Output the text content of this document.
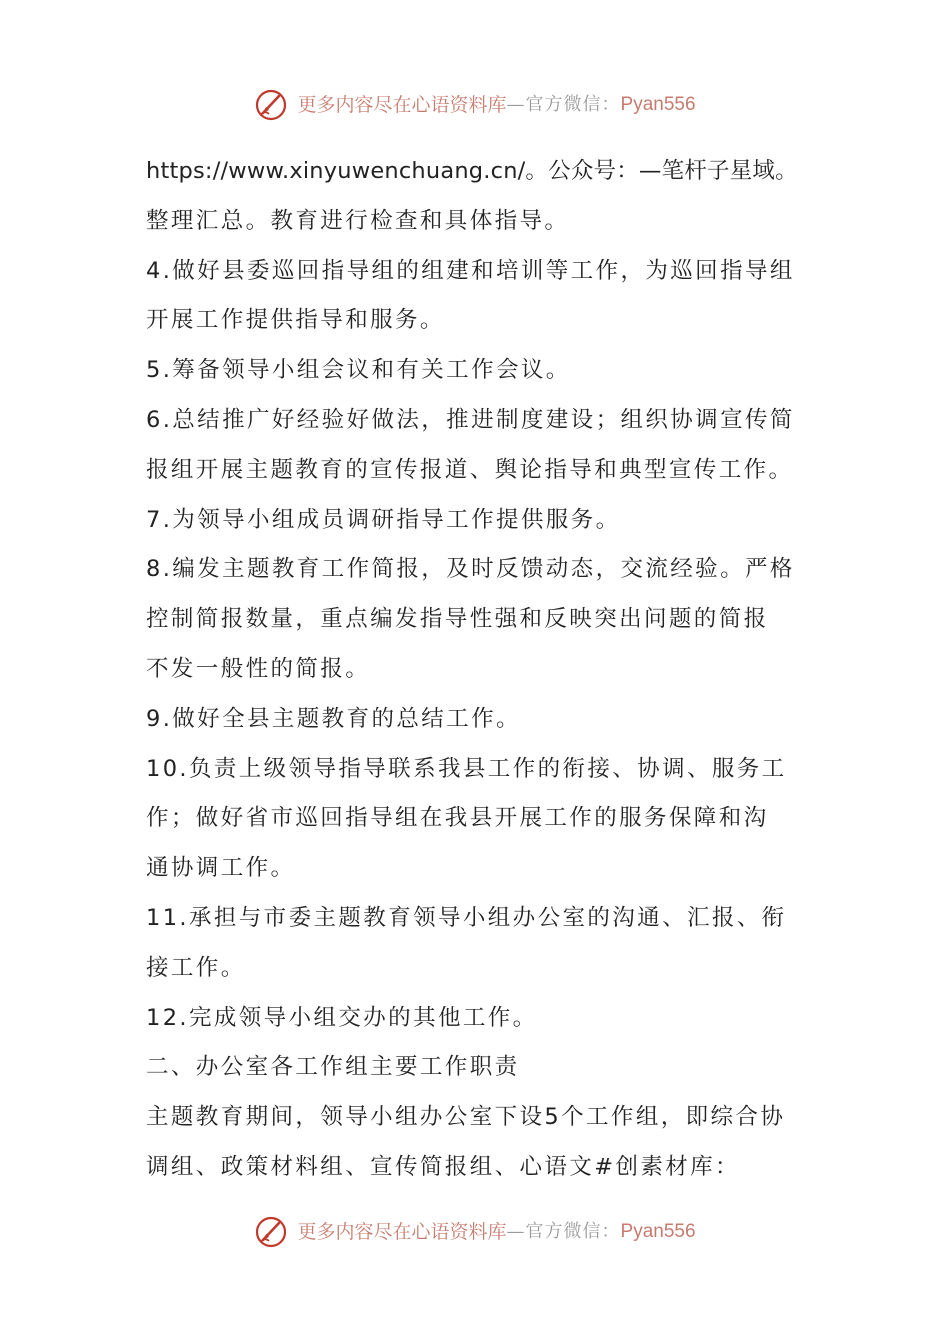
更多内容尽在心语资料库—官方微信：Pyan556
https://www.xinyuwenchuang.cn/。公众号：—笔杆子星域。
整理汇总。教育进行检查和具体指导。
4.做好县委巡回指导组的组建和培训等工作，为巡回指导组
开展工作提供指导和服务。
5.筹备领导小组会议和有关工作会议。
6.总结推广好经验好做法，推进制度建设；组织协调宣传简
报组开展主题教育的宣传报道、舆论指导和典型宣传工作。
7.为领导小组成员调研指导工作提供服务。
8.编发主题教育工作简报，及时反馈动态，交流经验。严格
控制简报数量，重点编发指导性强和反映突出问题的简报
不发一般性的简报。
9.做好全县主题教育的总结工作。
10.负责上级领导指导联系我县工作的衔接、协调、服务工
作；做好省市巡回指导组在我县开展工作的服务保障和沟
通协调工作。
11.承担与市委主题教育领导小组办公室的沟通、汇报、衔
接工作。
12.完成领导小组交办的其他工作。
二、办公室各工作组主要工作职责
主题教育期间，领导小组办公室下设5个工作组，即综合协
调组、政策材料组、宣传简报组、心语文#创素材库：
更多内容尽在心语资料库—官方微信：Pyan556
